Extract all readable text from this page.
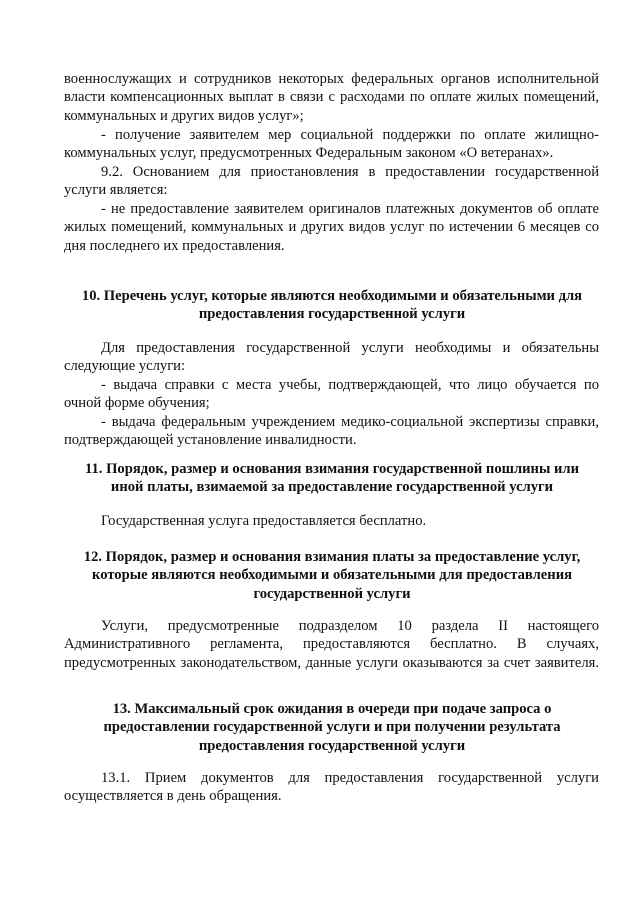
военнослужащих и сотрудников некоторых федеральных органов исполнительной власти компенсационных выплат в связи с расходами по оплате жилых помещений, коммунальных и других видов услуг»;

- получение заявителем мер социальной поддержки по оплате жилищно-коммунальных услуг, предусмотренных Федеральным законом «О ветеранах».

9.2. Основанием для приостановления в предоставлении государственной услуги является:

- не предоставление заявителем оригиналов платежных документов об оплате жилых помещений, коммунальных и других видов услуг по истечении 6 месяцев со дня последнего их предоставления.

10. Перечень услуг, которые являются необходимыми и обязательными для предоставления государственной услуги

Для предоставления государственной услуги необходимы и обязательны следующие услуги:

- выдача справки с места учебы, подтверждающей, что лицо обучается по очной форме обучения;

- выдача федеральным учреждением медико-социальной экспертизы справки, подтверждающей установление инвалидности.

11. Порядок, размер и основания взимания государственной пошлины или иной платы, взимаемой за предоставление государственной услуги

Государственная услуга предоставляется бесплатно.

12. Порядок, размер и основания взимания платы за предоставление услуг, которые являются необходимыми и обязательными для предоставления государственной услуги

Услуги, предусмотренные подразделом 10 раздела II настоящего Административного регламента, предоставляются бесплатно. В случаях, предусмотренных законодательством, данные услуги оказываются за счет заявителя.

13. Максимальный срок ожидания в очереди при подаче запроса о предоставлении государственной услуги и при получении результата предоставления государственной услуги

13.1. Прием документов для предоставления государственной услуги осуществляется в день обращения.
